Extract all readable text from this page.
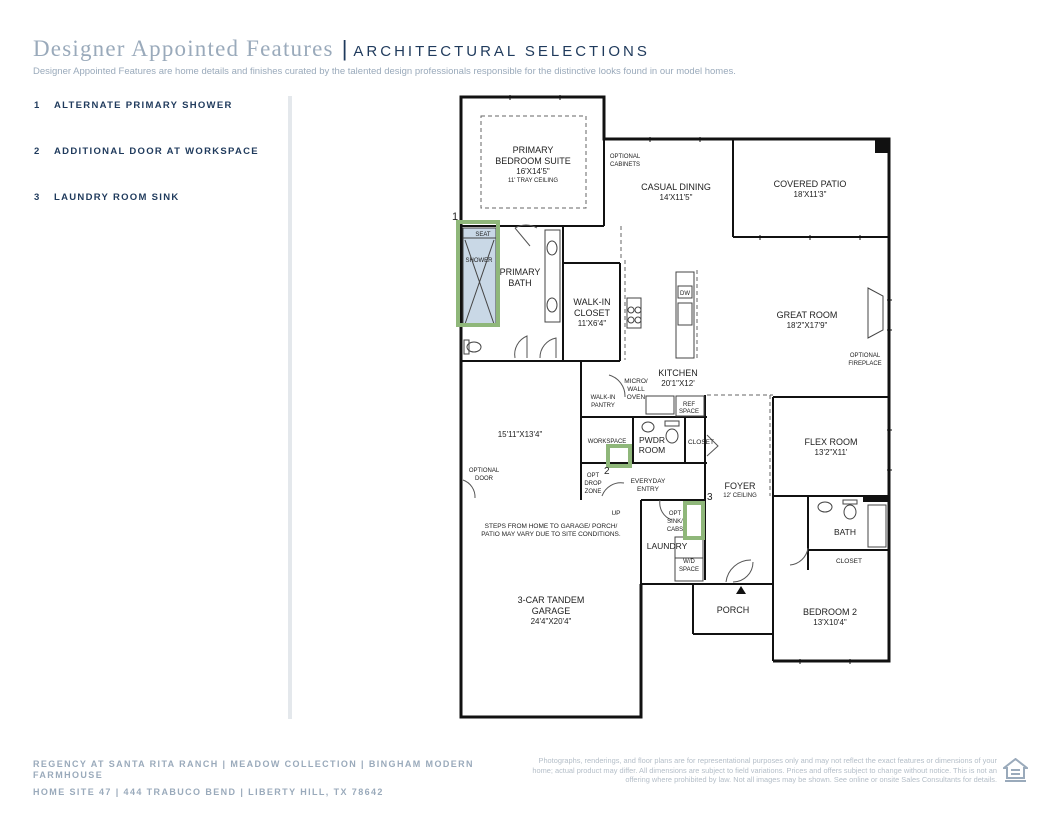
Designer Appointed Features | ARCHITECTURAL SELECTIONS
Designer Appointed Features are home details and finishes curated by the talented design professionals responsible for the distinctive looks found in our model homes.
1	ALTERNATE PRIMARY SHOWER
2	ADDITIONAL DOOR AT WORKSPACE
3	LAUNDRY ROOM SINK
1
2
3
PRIMARY
BEDROOM SUITE
16'X14'5"
11' TRAY CEILING
OPTIONAL
CABINETS
CASUAL DINING
14'X11'5"
COVERED PATIO
18'X11'3"
SEAT
SHOWER
PRIMARY
BATH
WALK-IN
CLOSET
11'X6'4"
DW
GREAT ROOM
18'2"X17'9"
OPTIONAL
FIREPLACE
MICRO/
WALL
OVEN
KITCHEN
20'1"X12'
WALK-IN
PANTRY	REF
SPACE
FLEX ROOM
13'2"X11'
15'11"X13'4"
WORKSPACE PWDR
ROOM
CLOSET
OPTIONAL
DOOR	OPT
DROP
ZONE
EVERYDAY
ENTRY
UP
FOYER
12' CEILING
OPT
SINK/
CABS	BATH
CLOSET
STEPS FROM HOME TO GARAGE/ PORCH/
PATIO MAY VARY DUE TO SITE CONDITIONS.
LAUNDRY
W/D
SPACE
3-CAR TANDEM
GARAGE
24'4"X20'4"
PORCH	BEDROOM 2
13'X10'4"
REGENCY AT SANTA RITA RANCH | MEADOW COLLECTION | BINGHAM MODERN FARMHOUSE
HOME SITE 47 | 444 TRABUCO BEND | LIBERTY HILL, TX 78642
Photographs, renderings, and floor plans are for representational purposes only and may not reflect the exact features or dimensions of your home; actual product may differ. All dimensions are subject to field variations. Prices and offers subject to change without notice. This is not an offering where prohibited by law. Not all images may be shown. See online or onsite Sales Consultants for details.
